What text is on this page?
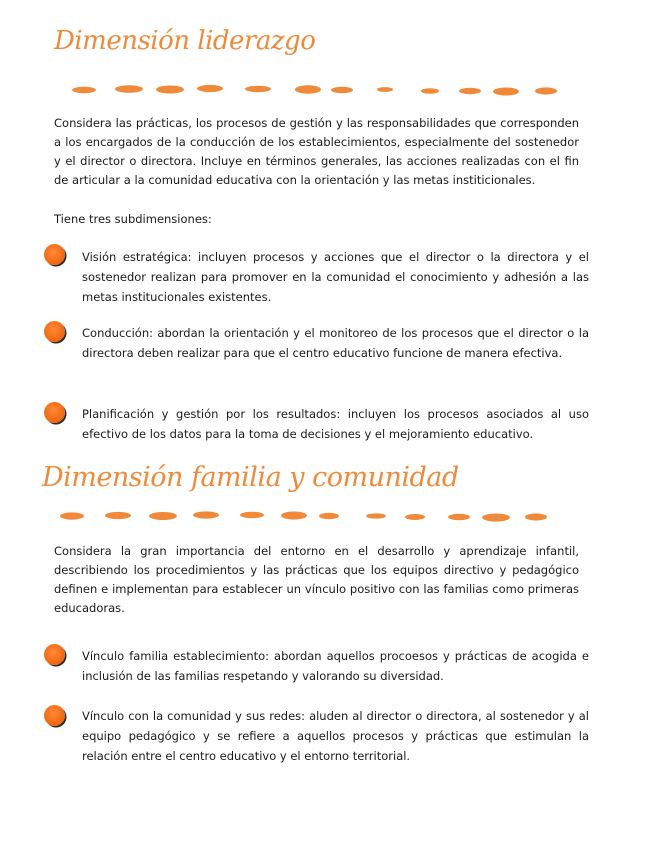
Dimensión liderazgo

Considera las prácticas, los procesos de gestión y las responsabilidades que corresponden a los encargados de la conducción de los establecimientos, especialmente del sostenedor y el director o directora. Incluye en términos generales, las acciones realizadas con el fin de articular a la comunidad educativa con la orientación y las metas institicionales.

Tiene tres subdimensiones:

Visión estratégica: incluyen procesos y acciones que el director o la directora y el sostenedor realizan para promover en la comunidad el conocimiento y adhesión a las metas institucionales existentes.

Conducción: abordan la orientación y el monitoreo de los procesos que el director o la directora deben realizar para que el centro educativo funcione de manera efectiva.

Planificación y gestión por los resultados: incluyen los procesos asociados al uso efectivo de los datos para la toma de decisiones y el mejoramiento educativo.

Dimensión familia y comunidad

Considera la gran importancia del entorno en el desarrollo y aprendizaje infantil, describiendo los procedimientos y las prácticas que los equipos directivo y pedagógico definen e implementan para establecer un vínculo positivo con las familias como primeras educadoras.

Vínculo familia establecimiento: abordan aquellos procoesos y prácticas de acogida e inclusión de las familias respetando y valorando su diversidad.

Vínculo con la comunidad y sus redes: aluden al director o directora, al sostenedor y al equipo pedagógico y se refiere a aquellos procesos y prácticas que estimulan la relación entre el centro educativo y el entorno territorial.
